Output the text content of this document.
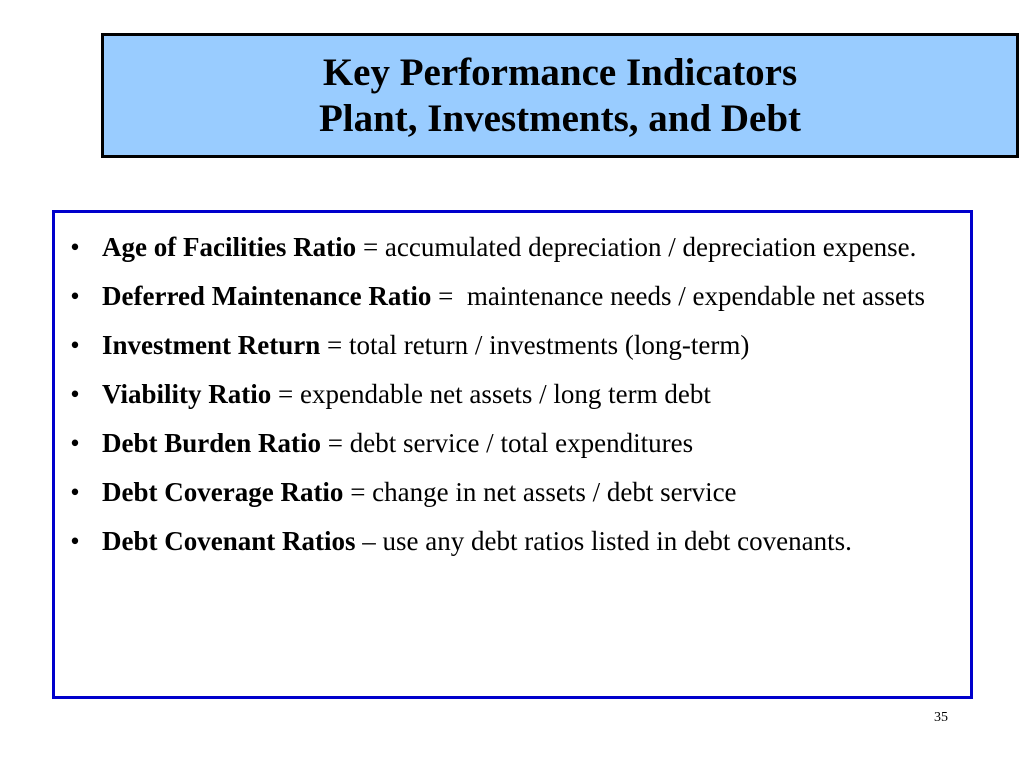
Key Performance Indicators
Plant, Investments, and Debt
• Age of Facilities Ratio = accumulated depreciation / depreciation expense.
• Deferred Maintenance Ratio =  maintenance needs / expendable net assets
• Investment Return = total return / investments (long-term)
• Viability Ratio = expendable net assets / long term debt
• Debt Burden Ratio = debt service / total expenditures
• Debt Coverage Ratio = change in net assets / debt service
• Debt Covenant Ratios – use any debt ratios listed in debt covenants.
35
